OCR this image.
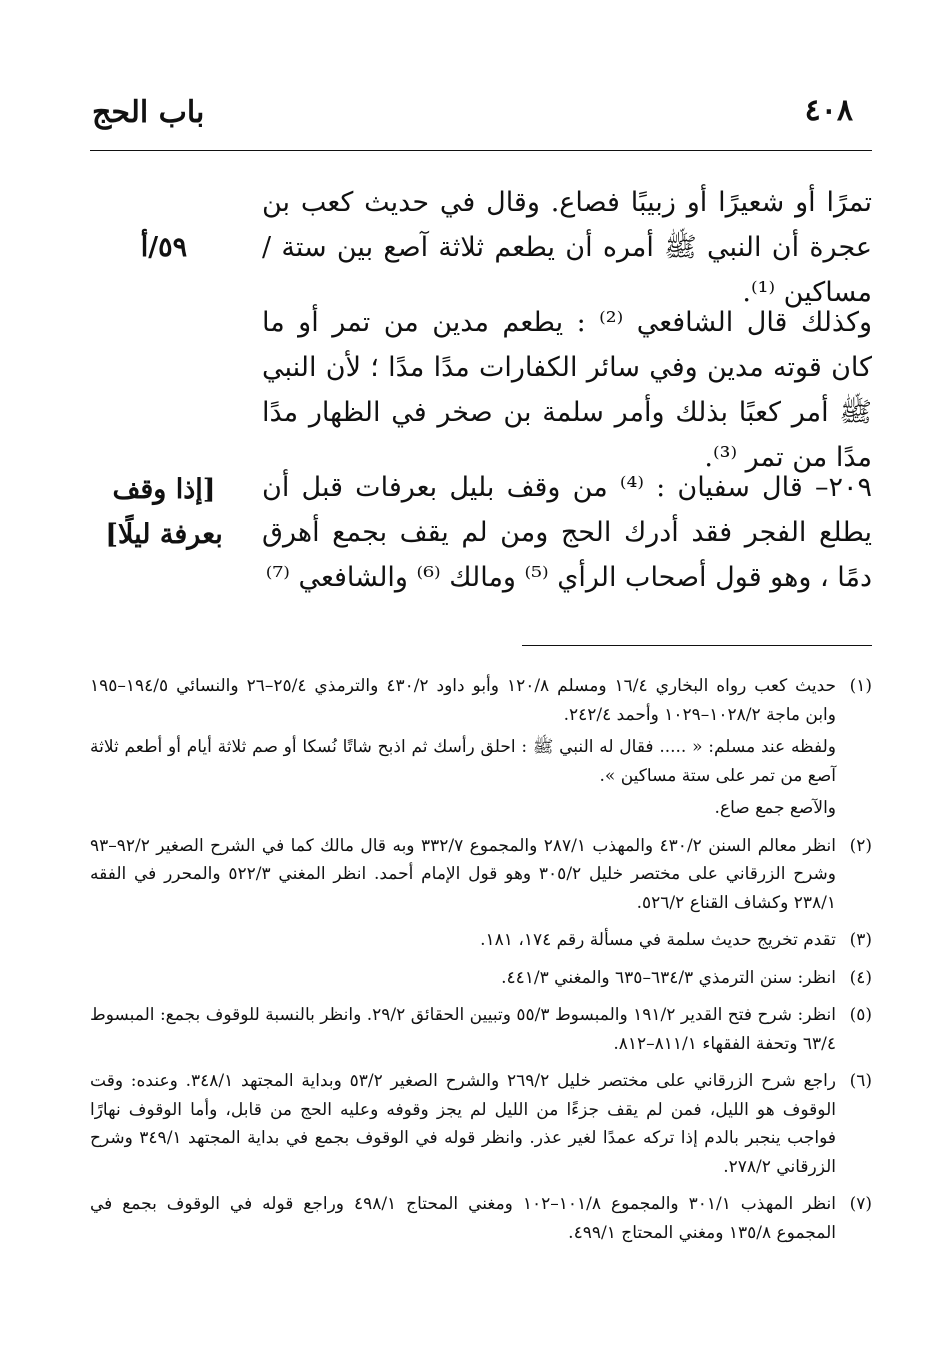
باب الحج	٤٠٨

تمرًا أو شعيرًا أو زبيبًا فصاع. وقال في حديث كعب بن عجرة أن النبي ﷺ أمره أن يطعم ثلاثة آصع بين ستة / مساكين ⁽¹⁾.

٥٩/أ

وكذلك قال الشافعي ⁽²⁾ : يطعم مدين من تمر أو ما كان قوته مدين وفي سائر الكفارات مدًا مدًا ؛ لأن النبي ﷺ أمر كعبًا بذلك وأمر سلمة بن صخر في الظهار مدًا مدًا من تمر ⁽³⁾.

٢٠٩– قال سفيان : ⁽⁴⁾ من وقف بليل بعرفات قبل أن يطلع الفجر فقد أدرك الحج ومن لم يقف بجمع أهرق دمًا ، وهو قول أصحاب الرأي ⁽⁵⁾ ومالك ⁽⁶⁾ والشافعي ⁽⁷⁾

[إذا وقف
بعرفة ليلًا]
(١)

حديث كعب رواه البخاري ١٦/٤ ومسلم ١٢٠/٨ وأبو داود ٤٣٠/٢ والترمذي ٢٥/٤–٢٦ والنسائي ١٩٤/٥–١٩٥ وابن ماجة ١٠٢٨/٢–١٠٢٩ وأحمد ٢٤٢/٤.

ولفظه عند مسلم: « ..... فقال له النبي ﷺ : احلق رأسك ثم اذبح شاتًا نُسكا أو صم ثلاثة أيام أو أطعم ثلاثة آصع من تمر على ستة مساكين ».

والآصع جمع صاع.

(٢)

انظر معالم السنن ٤٣٠/٢ والمهذب ٢٨٧/١ والمجموع ٣٣٢/٧ وبه قال مالك كما في الشرح الصغير ٩٢/٢–٩٣ وشرح الزرقاني على مختصر خليل ٣٠٥/٢ وهو قول الإمام أحمد. انظر المغني ٥٢٢/٣ والمحرر في الفقه ٢٣٨/١ وكشاف القناع ٥٢٦/٢.

(٣)

تقدم تخريج حديث سلمة في مسألة رقم ١٧٤، ١٨١.

(٤)

انظر: سنن الترمذي ٦٣٤/٣–٦٣٥ والمغني ٤٤١/٣.

(٥)

انظر: شرح فتح القدير ١٩١/٢ والمبسوط ٥٥/٣ وتبيين الحقائق ٢٩/٢. وانظر بالنسبة للوقوف بجمع: المبسوط ٦٣/٤ وتحفة الفقهاء ٨١١/١–٨١٢.

(٦)

راجع شرح الزرقاني على مختصر خليل ٢٦٩/٢ والشرح الصغير ٥٣/٢ وبداية المجتهد ٣٤٨/١. وعنده: وقت الوقوف هو الليل، فمن لم يقف جزءًا من الليل لم يجز وقوفه وعليه الحج من قابل، وأما الوقوف نهارًا فواجب ينجبر بالدم إذا تركه عمدًا لغير عذر. وانظر قوله في الوقوف بجمع في بداية المجتهد ٣٤٩/١ وشرح الزرقاني ٢٧٨/٢.

(٧)

انظر المهذب ٣٠١/١ والمجموع ١٠١/٨–١٠٢ ومغني المحتاج ٤٩٨/١ وراجع قوله في الوقوف بجمع في المجموع ١٣٥/٨ ومغني المحتاج ٤٩٩/١.
